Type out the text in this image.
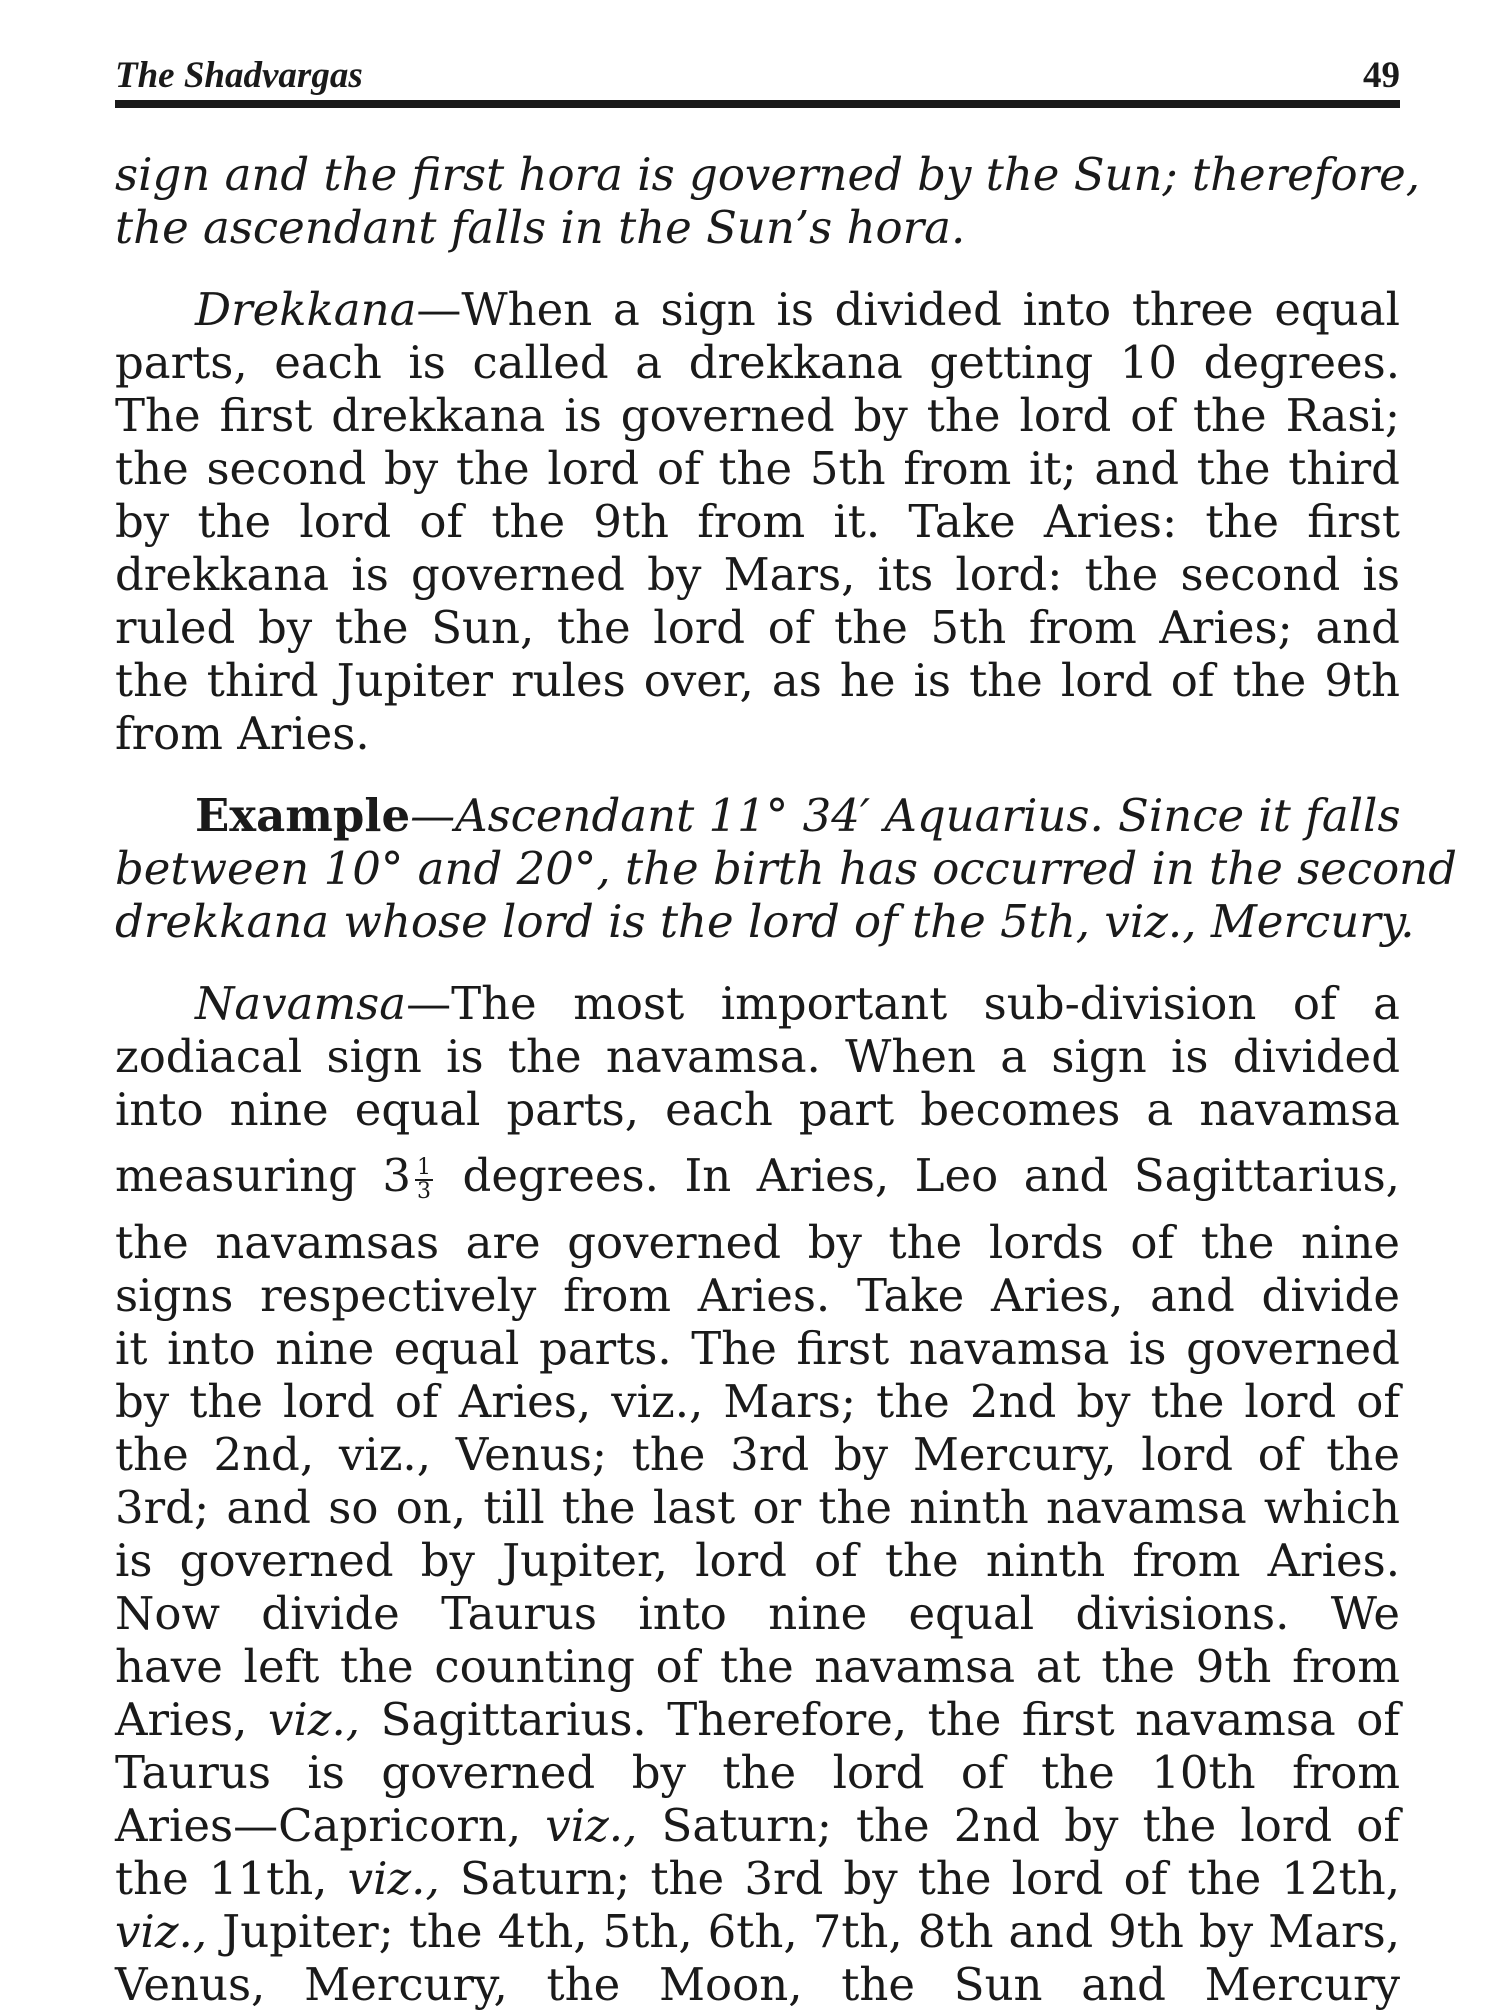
The Shadvargas	49
sign and the first hora is governed by the Sun; therefore,
the ascendant falls in the Sun’s hora.
Drekkana—When a sign is divided into three equal
parts, each is called a drekkana getting 10 degrees.
The first drekkana is governed by the lord of the Rasi;
the second by the lord of the 5th from it; and the third
by the lord of the 9th from it. Take Aries: the first
drekkana is governed by Mars, its lord: the second is
ruled by the Sun, the lord of the 5th from Aries; and
the third Jupiter rules over, as he is the lord of the 9th
from Aries.
Example—Ascendant 11° 34′ Aquarius. Since it falls
between 10° and 20°, the birth has occurred in the second
drekkana whose lord is the lord of the 5th, viz., Mercury.
Navamsa—The most important sub-division of a
zodiacal sign is the navamsa. When a sign is divided
into nine equal parts, each part becomes a navamsa
measuring $3 \frac{1}{3}$ degrees. In Aries, Leo and Sagittarius,
the navamsas are governed by the lords of the nine
signs respectively from Aries. Take Aries, and divide
it into nine equal parts. The first navamsa is governed
by the lord of Aries, viz., Mars; the 2nd by the lord of
the 2nd, viz., Venus; the 3rd by Mercury, lord of the
3rd; and so on, till the last or the ninth navamsa which
is governed by Jupiter, lord of the ninth from Aries.
Now divide Taurus into nine equal divisions. We
have left the counting of the navamsa at the 9th from
Aries, viz., Sagittarius. Therefore, the first navamsa of
Taurus is governed by the lord of the 10th from
Aries—Capricorn, viz., Saturn; the 2nd by the lord of
the 11th, viz., Saturn; the 3rd by the lord of the 12th,
viz., Jupiter; the 4th, 5th, 6th, 7th, 8th and 9th by Mars,
Venus, Mercury, the Moon, the Sun and Mercury
